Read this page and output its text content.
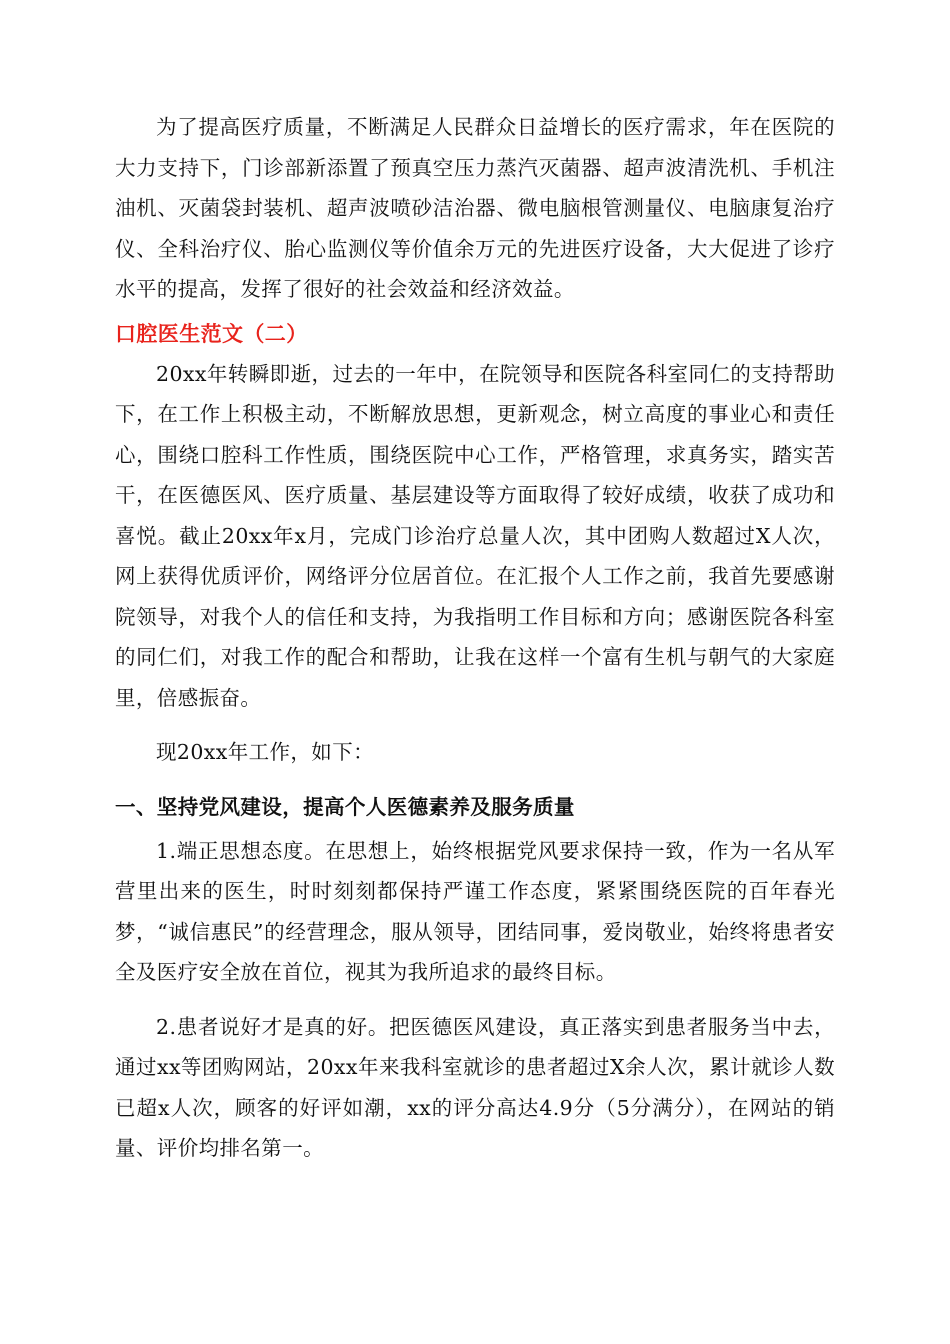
为了提高医疗质量，不断满足人民群众日益增长的医疗需求，年在医院的大力支持下，门诊部新添置了预真空压力蒸汽灭菌器、超声波清洗机、手机注油机、灭菌袋封装机、超声波喷砂洁治器、微电脑根管测量仪、电脑康复治疗仪、全科治疗仪、胎心监测仪等价值余万元的先进医疗设备，大大促进了诊疗水平的提高，发挥了很好的社会效益和经济效益。

口腔医生范文（二）

20xx年转瞬即逝，过去的一年中，在院领导和医院各科室同仁的支持帮助下，在工作上积极主动，不断解放思想，更新观念，树立高度的事业心和责任心，围绕口腔科工作性质，围绕医院中心工作，严格管理，求真务实，踏实苦干，在医德医风、医疗质量、基层建设等方面取得了较好成绩，收获了成功和喜悦。截止20xx年x月，完成门诊治疗总量人次，其中团购人数超过X人次，网上获得优质评价，网络评分位居首位。在汇报个人工作之前，我首先要感谢院领导，对我个人的信任和支持，为我指明工作目标和方向；感谢医院各科室的同仁们，对我工作的配合和帮助，让我在这样一个富有生机与朝气的大家庭里，倍感振奋。

现20xx年工作，如下：

一、坚持党风建设，提高个人医德素养及服务质量

1.端正思想态度。在思想上，始终根据党风要求保持一致，作为一名从军营里出来的医生，时时刻刻都保持严谨工作态度，紧紧围绕医院的百年春光梦，“诚信惠民”的经营理念，服从领导，团结同事，爱岗敬业，始终将患者安全及医疗安全放在首位，视其为我所追求的最终目标。

2.患者说好才是真的好。把医德医风建设，真正落实到患者服务当中去，通过xx等团购网站，20xx年来我科室就诊的患者超过X余人次，累计就诊人数已超x人次，顾客的好评如潮，xx的评分高达4.9分（5分满分），在网站的销量、评价均排名第一。
